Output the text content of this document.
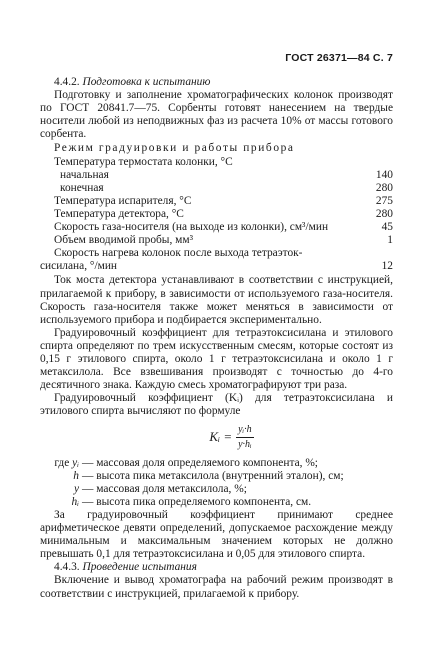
ГОСТ 26371—84 С. 7

4.4.2. Подготовка к испытанию

Подготовку и заполнение хроматографических колонок производят по ГОСТ 20841.7—75. Сорбенты готовят нанесением на твердые носители любой из неподвижных фаз из расчета 10% от массы готового сорбента.

Режим градуировки и работы прибора

Температура термостата колонки, °С

начальная	140
конечная	280
Температура испарителя, °С	275
Температура детектора, °С	280
Скорость газа-носителя (на выходе из колонки), см³/мин	45
Объем вводимой пробы, мм³	1

Скорость нагрева колонок после выхода тетраэток-

сисилана, °/мин	12

Ток моста детектора устанавливают в соответствии с инструкцией, прилагаемой к прибору, в зависимости от используемого газа-носителя. Скорость газа-носителя также может меняться в зависимости от используемого прибора и подбирается экспериментально.

Градуировочный коэффициент для тетраэтоксисилана и этилового спирта определяют по трем искусственным смесям, которые состоят из 0,15 г этилового спирта, около 1 г тетраэтоксисилана и около 1 г метаксилола. Все взвешивания производят с точностью до 4-го десятичного знака. Каждую смесь хроматографируют три раза.

Градуировочный коэффициент (Kᵢ) для тетраэтоксисилана и этилового спирта вычисляют по формуле

Kᵢ = $\frac{\text{yᵢ·h}}{\text{y·hᵢ}}$
где yᵢ — массовая доля определяемого компонента, %;
h — высота пика метаксилола (внутренний эталон), см;
y — массовая доля метаксилола, %;
hᵢ — высота пика определяемого компонента, см.

За градуировочный коэффициент принимают среднее арифметическое девяти определений, допускаемое расхождение между минимальным и максимальным значением которых не должно превышать 0,1 для тетраэтоксисилана и 0,05 для этилового спирта.

4.4.3. Проведение испытания

Включение и вывод хроматографа на рабочий режим производят в соответствии с инструкцией, прилагаемой к прибору.
